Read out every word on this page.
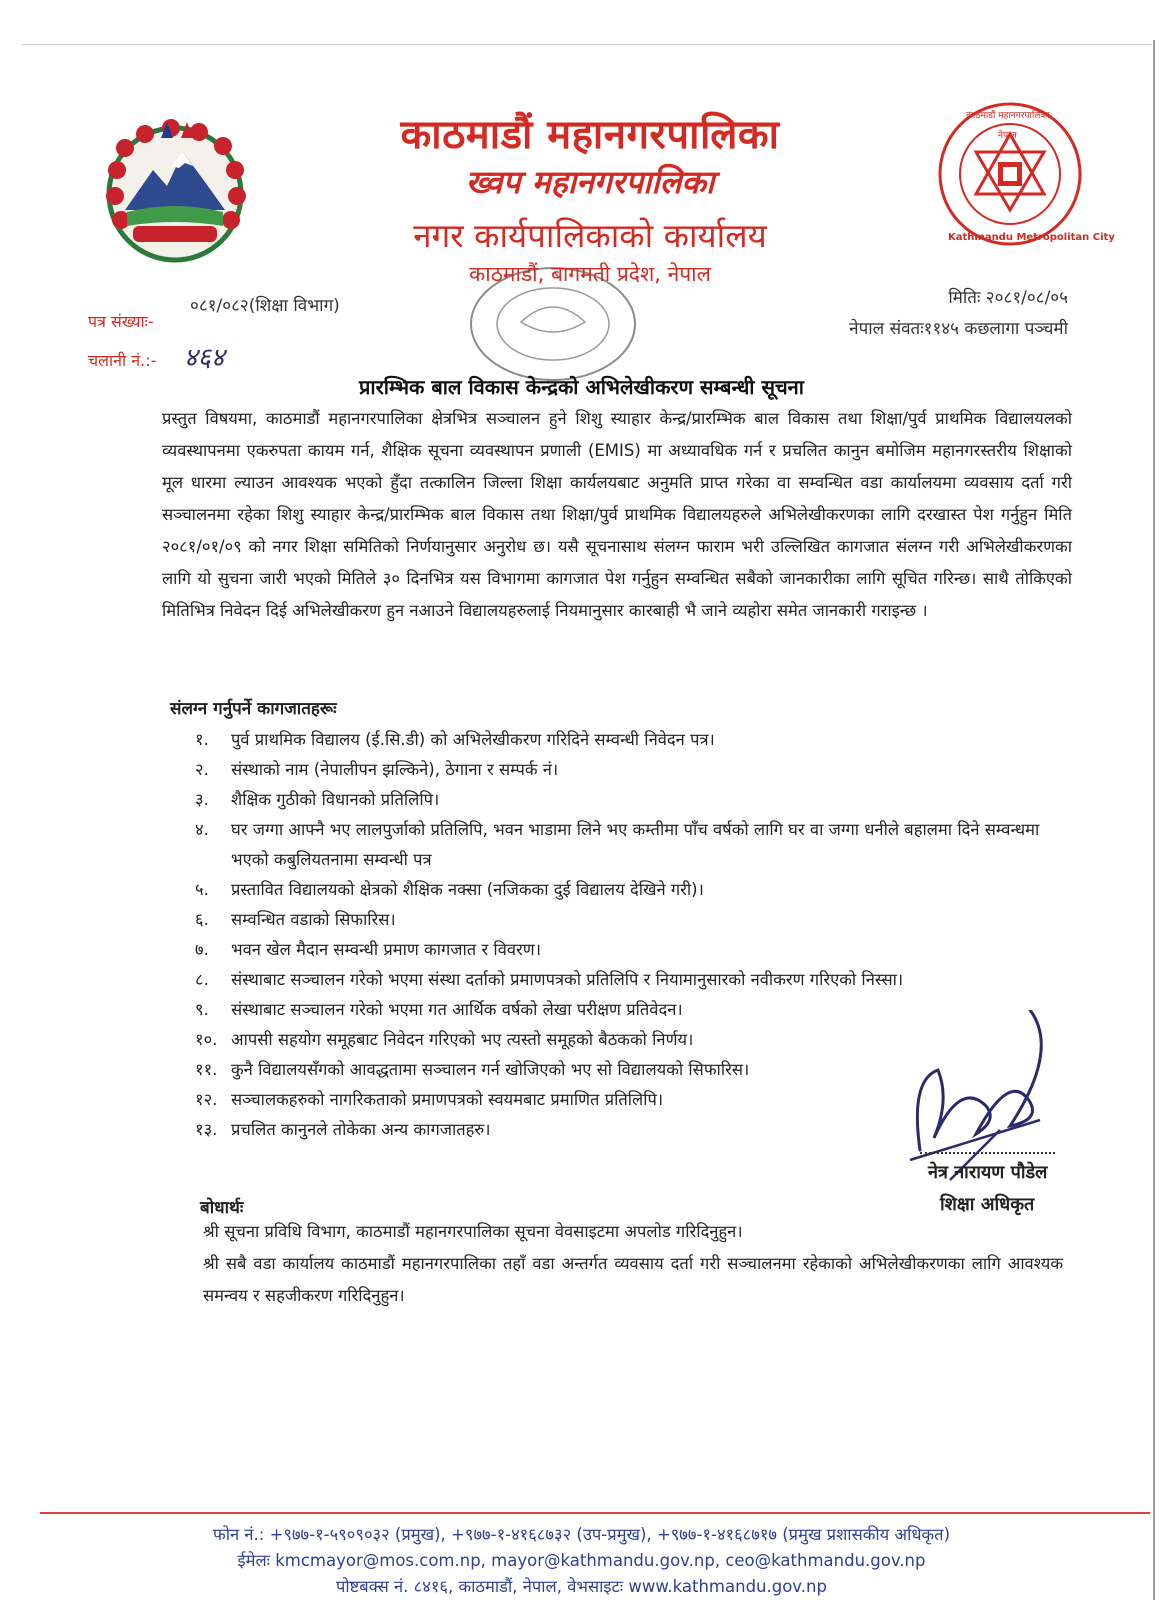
काठमाडौं महानगरपालिका
नेपाल
Kathmandu Metropolitan City
काठमाडौं महानगरपालिका
ख्वप महानगरपालिका
नगर कार्यपालिकाको कार्यालय
काठमाडौं, बागमती प्रदेश, नेपाल
पत्र संख्याः-
०८१/०८२(शिक्षा विभाग)
चलानी नं.:- ४६४
मितिः २०८१/०८/०५
नेपाल संवतः११४५ कछलागा पञ्चमी
प्रारम्भिक बाल विकास केन्द्रको अभिलेखीकरण सम्बन्धी सूचना

प्रस्तुत विषयमा, काठमाडौं महानगरपालिका क्षेत्रभित्र सञ्चालन हुने शिशु स्याहार केन्द्र/प्रारम्भिक बाल विकास तथा शिक्षा/पुर्व प्राथमिक विद्यालयलको व्यवस्थापनमा एकरुपता कायम गर्न, शैक्षिक सूचना व्यवस्थापन प्रणाली (EMIS) मा अध्यावधिक गर्न र प्रचलित कानुन बमोजिम महानगरस्तरीय शिक्षाको मूल धारमा ल्याउन आवश्यक भएको हुँदा तत्कालिन जिल्ला शिक्षा कार्यलयबाट अनुमति प्राप्त गरेका वा सम्वन्धित वडा कार्यालयमा व्यवसाय दर्ता गरी सञ्चालनमा रहेका शिशु स्याहार केन्द्र/प्रारम्भिक बाल विकास तथा शिक्षा/पुर्व प्राथमिक विद्यालयहरुले अभिलेखीकरणका लागि दरखास्त पेश गर्नुहुन मिति २०८१/०१/०९ को नगर शिक्षा समितिको निर्णयानुसार अनुरोध छ। यसै सूचनासाथ संलग्न फाराम भरी उल्लिखित कागजात संलग्न गरी अभिलेखीकरणका लागि यो सुचना जारी भएको मितिले ३० दिनभित्र यस विभागमा कागजात पेश गर्नुहुन सम्वन्धित सबैको जानकारीका लागि सूचित गरिन्छ। साथै तोकिएको मितिभित्र निवेदन दिई अभिलेखीकरण हुन नआउने विद्यालयहरुलाई नियमानुसार कारबाही भै जाने व्यहोरा समेत जानकारी गराइन्छ ।

संलग्न गर्नुपर्ने कागजातहरूः
१. पुर्व प्राथमिक विद्यालय (ई.सि.डी) को अभिलेखीकरण गरिदिने सम्वन्धी निवेदन पत्र।
२. संस्थाको नाम (नेपालीपन झल्किने), ठेगाना र सम्पर्क नं।
३. शैक्षिक गुठीको विधानको प्रतिलिपि।
४. घर जग्गा आफ्नै भए लालपुर्जाको प्रतिलिपि, भवन भाडामा लिने भए कम्तीमा पाँच वर्षको लागि घर वा जग्गा धनीले बहालमा दिने सम्वन्धमा भएको कबुलियतनामा सम्वन्धी पत्र
५. प्रस्तावित विद्यालयको क्षेत्रको शैक्षिक नक्सा (नजिकका दुई विद्यालय देखिने गरी)।
६. सम्वन्धित वडाको सिफारिस।
७. भवन खेल मैदान सम्वन्धी प्रमाण कागजात र विवरण।
८. संस्थाबाट सञ्चालन गरेको भएमा संस्था दर्ताको प्रमाणपत्रको प्रतिलिपि र नियामानुसारको नवीकरण गरिएको निस्सा।
९. संस्थाबाट सञ्चालन गरेको भएमा गत आर्थिक वर्षको लेखा परीक्षण प्रतिवेदन।
१०. आपसी सहयोग समूहबाट निवेदन गरिएको भए त्यस्तो समूहको बैठकको निर्णय।
११. कुनै विद्यालयसँगको आवद्धतामा सञ्चालन गर्न खोजिएको भए सो विद्यालयको सिफारिस।
१२. सञ्चालकहरुको नागरिकताको प्रमाणपत्रको स्वयमबाट प्रमाणित प्रतिलिपि।
१३. प्रचलित कानुनले तोकेका अन्य कागजातहरु।
नेत्र नारायण पौडेल
शिक्षा अधिकृत
बोधार्थः

श्री सूचना प्रविधि विभाग, काठमाडौं महानगरपालिका सूचना वेवसाइटमा अपलोड गरिदिनुहुन।

श्री सबै वडा कार्यालय काठमाडौं महानगरपालिका तहाँ वडा अन्तर्गत व्यवसाय दर्ता गरी सञ्चालनमा रहेकाको अभिलेखीकरणका लागि आवश्यक समन्वय र सहजीकरण गरिदिनुहुन।

फोन नं.: +९७७-१-५९०९०३२ (प्रमुख), +९७७-१-४१६८७३२ (उप-प्रमुख), +९७७-१-४१६८७१७ (प्रमुख प्रशासकीय अधिकृत)
ईमेलः kmcmayor@mos.com.np, mayor@kathmandu.gov.np, ceo@kathmandu.gov.np
पोष्टबक्स नं. ८४१६, काठमाडौं, नेपाल, वेभसाइटः www.kathmandu.gov.np
